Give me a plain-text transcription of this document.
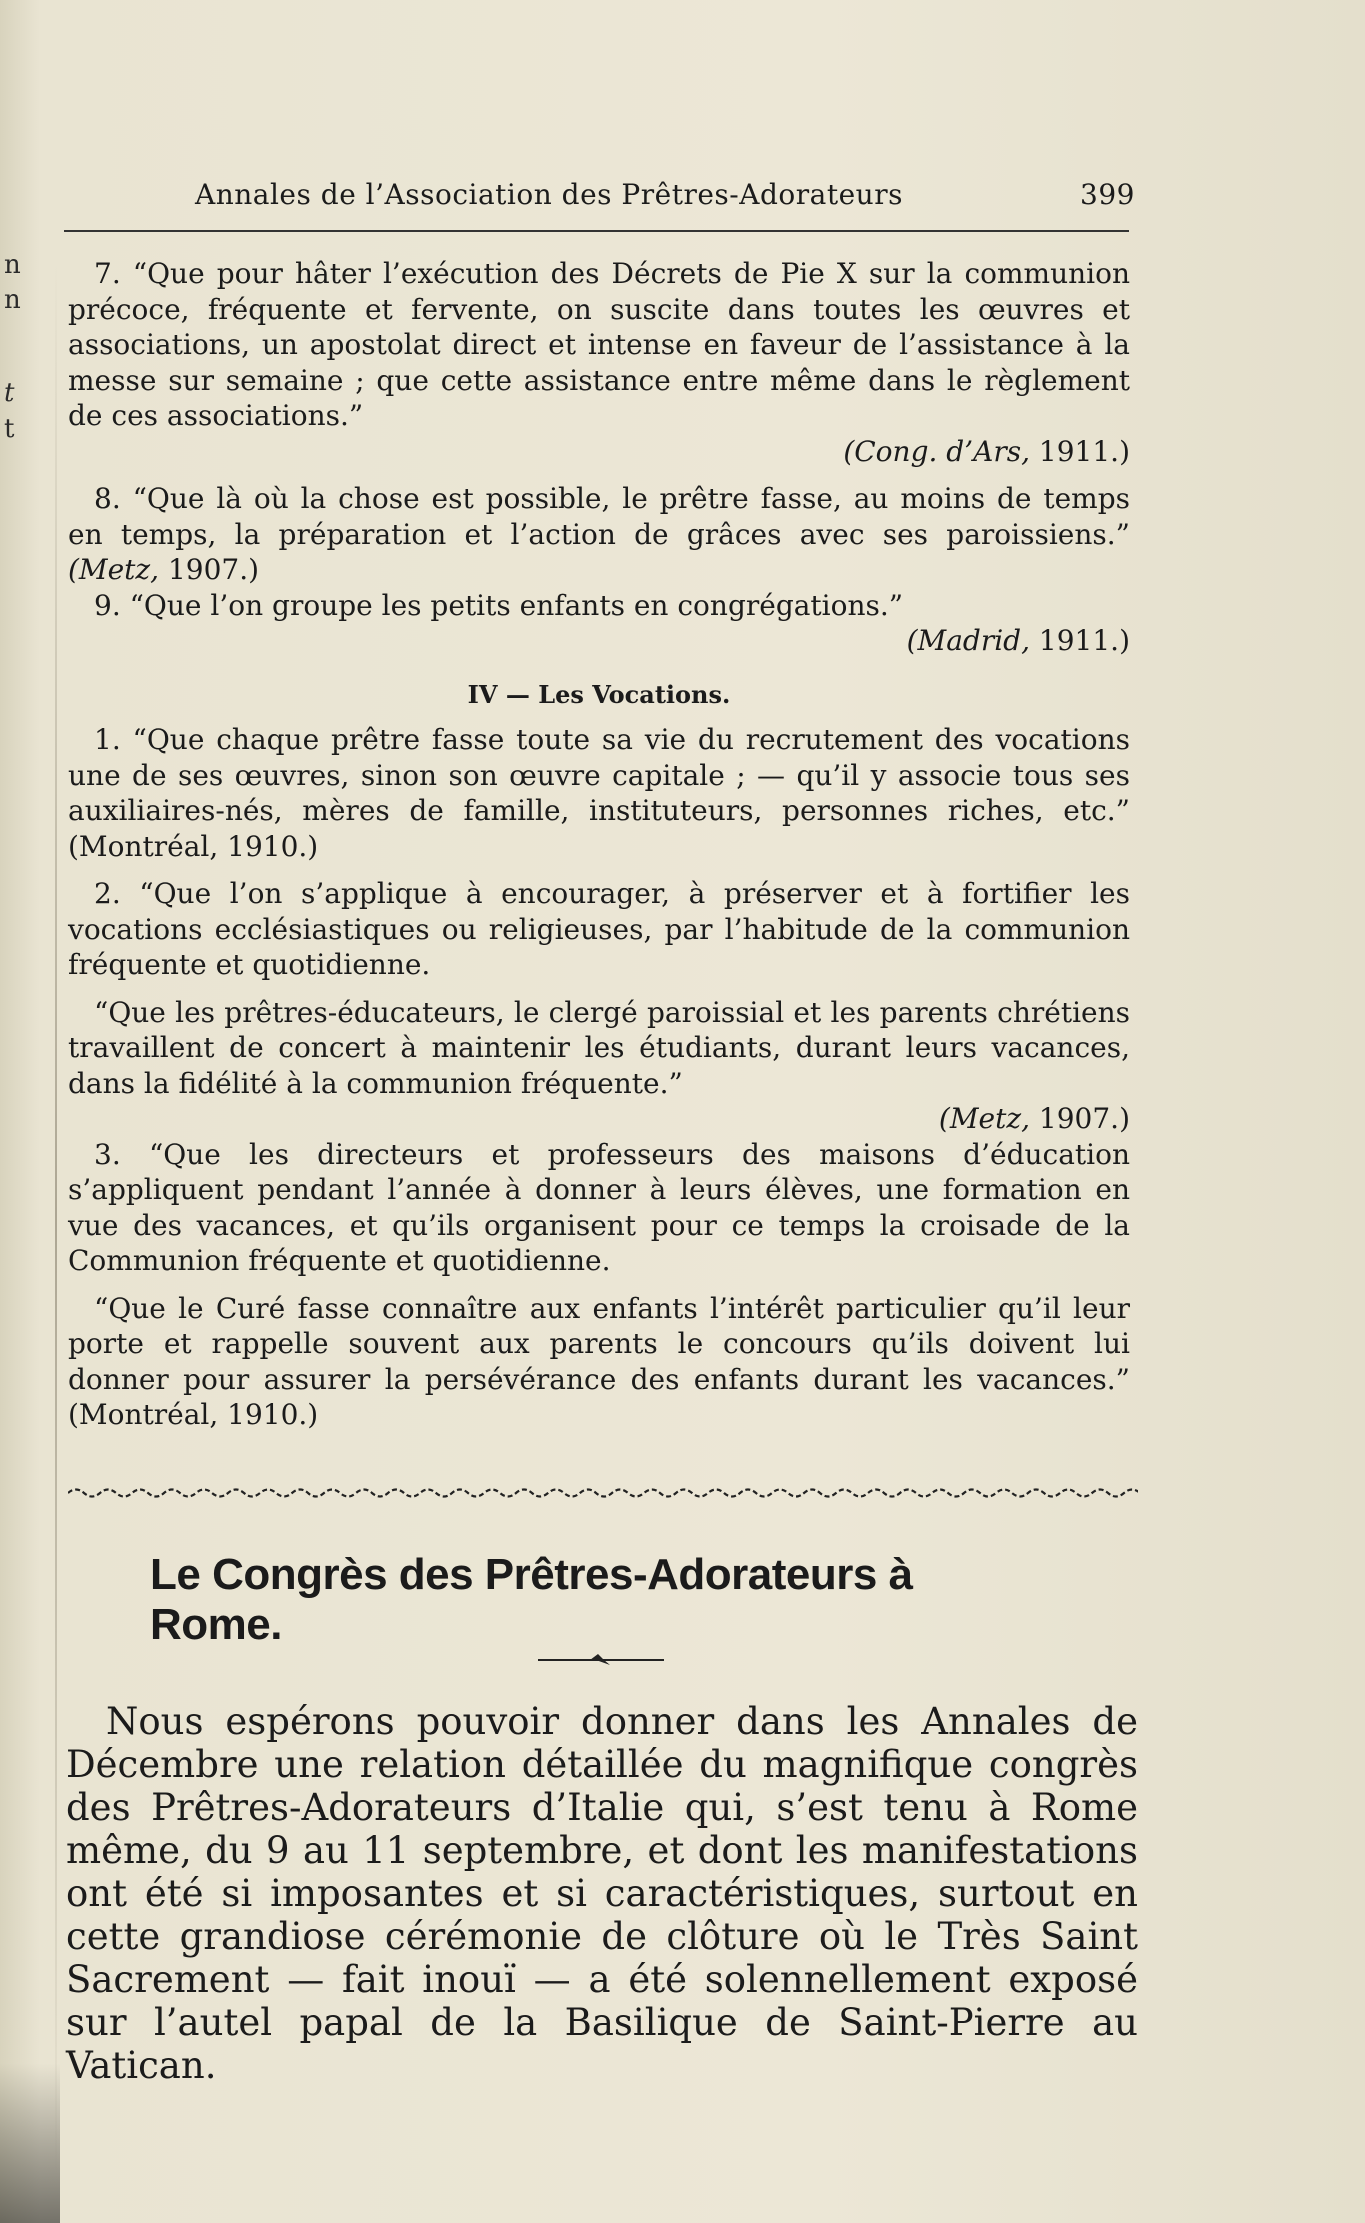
n
n
t
t
Annales de l’Association des Prêtres-Adorateurs	399

7. “Que pour hâter l’exécution des Décrets de Pie X sur la communion précoce, fréquente et fervente, on suscite dans toutes les œuvres et associations, un apostolat direct et intense en faveur de l’assistance à la messe sur semaine ; que cette assistance entre même dans le règlement de ces associations.”

(Cong. d’Ars, 1911.)

8. “Que là où la chose est possible, le prêtre fasse, au moins de temps en temps, la préparation et l’action de grâces avec ses paroissiens.” (Metz, 1907.)

9. “Que l’on groupe les petits enfants en congrégations.”

(Madrid, 1911.)

IV — Les Vocations.

1. “Que chaque prêtre fasse toute sa vie du recrutement des vocations une de ses œuvres, sinon son œuvre capitale ; — qu’il y associe tous ses auxiliaires-nés, mères de famille, instituteurs, personnes riches, etc.” (Montréal, 1910.)

2. “Que l’on s’applique à encourager, à préserver et à fortifier les vocations ecclésiastiques ou religieuses, par l’habitude de la communion fréquente et quotidienne.

“Que les prêtres-éducateurs, le clergé paroissial et les parents chrétiens travaillent de concert à maintenir les étudiants, durant leurs vacances, dans la fidélité à la communion fréquente.”

(Metz, 1907.)

3. “Que les directeurs et professeurs des maisons d’éducation s’appliquent pendant l’année à donner à leurs élèves, une formation en vue des vacances, et qu’ils organisent pour ce temps la croisade de la Communion fréquente et quotidienne.

“Que le Curé fasse connaître aux enfants l’intérêt particulier qu’il leur porte et rappelle souvent aux parents le concours qu’ils doivent lui donner pour assurer la persévérance des enfants durant les vacances.” (Montréal, 1910.)

Le Congrès des Prêtres-Adorateurs à Rome.

Nous espérons pouvoir donner dans les Annales de Décembre une relation détaillée du magnifique congrès des Prêtres-Adorateurs d’Italie qui, s’est tenu à Rome même, du 9 au 11 septembre, et dont les manifestations ont été si imposantes et si caractéristiques, surtout en cette grandiose cérémonie de clôture où le Très Saint Sacrement — fait inouï — a été solennellement exposé sur l’autel papal de la Basilique de Saint-Pierre au Vatican.
